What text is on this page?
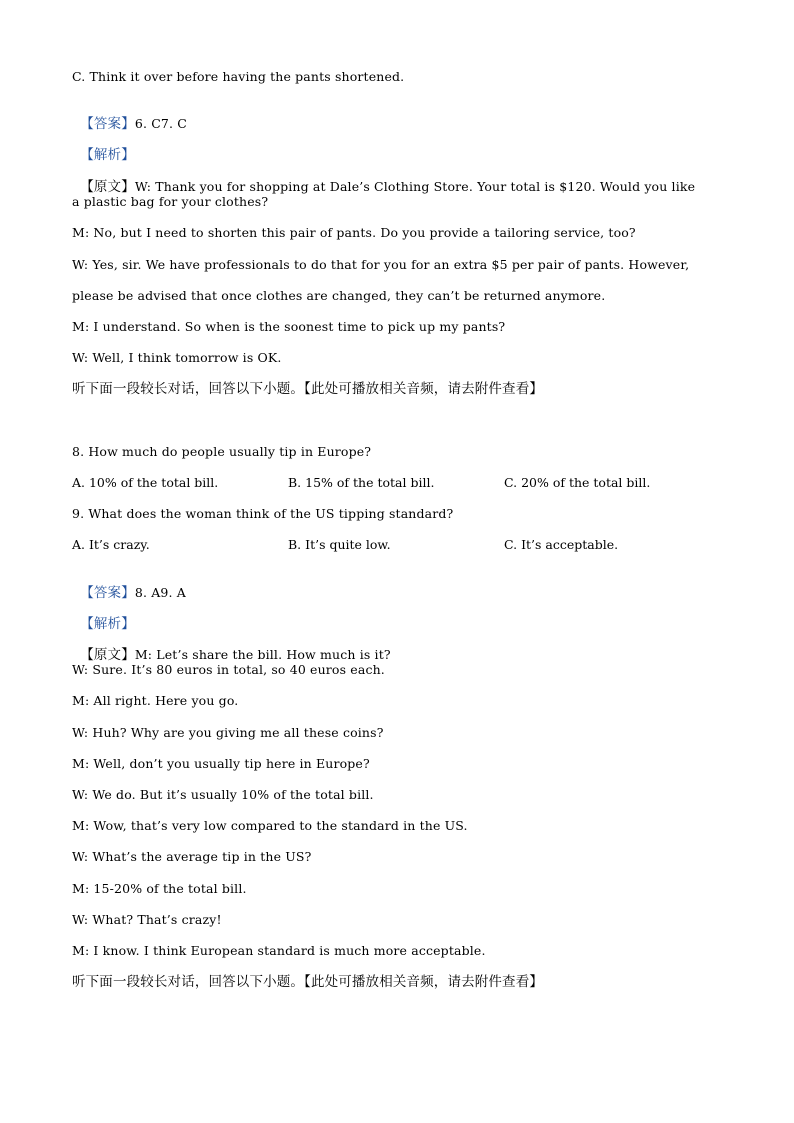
C. Think it over before having the pants shortened.

【答案】6. C7. C

【解析】

【原文】W: Thank you for shopping at Dale’s Clothing Store. Your total is $120. Would you like

a plastic bag for your clothes?
M: No, but I need to shorten this pair of pants. Do you provide a tailoring service, too?
W: Yes, sir. We have professionals to do that for you for an extra $5 per pair of pants. However,
please be advised that once clothes are changed, they can’t be returned anymore.
M: I understand. So when is the soonest time to pick up my pants?
W: Well, I think tomorrow is OK.
听下面一段较长对话，回答以下小题。【此处可播放相关音频，请去附件查看】
8. How much do people usually tip in Europe?
A. 10% of the total bill.	B. 15% of the total bill.	C. 20% of the total bill.
9. What does the woman think of the US tipping standard?
A. It’s crazy.	B. It’s quite low.	C. It’s acceptable.

【答案】8. A9. A

【解析】

【原文】M: Let’s share the bill. How much is it?

W: Sure. It’s 80 euros in total, so 40 euros each.
M: All right. Here you go.
W: Huh? Why are you giving me all these coins?
M: Well, don’t you usually tip here in Europe?
W: We do. But it’s usually 10% of the total bill.
M: Wow, that’s very low compared to the standard in the US.
W: What’s the average tip in the US?
M: 15-20% of the total bill.
W: What? That’s crazy!
M: I know. I think European standard is much more acceptable.
听下面一段较长对话，回答以下小题。【此处可播放相关音频，请去附件查看】
